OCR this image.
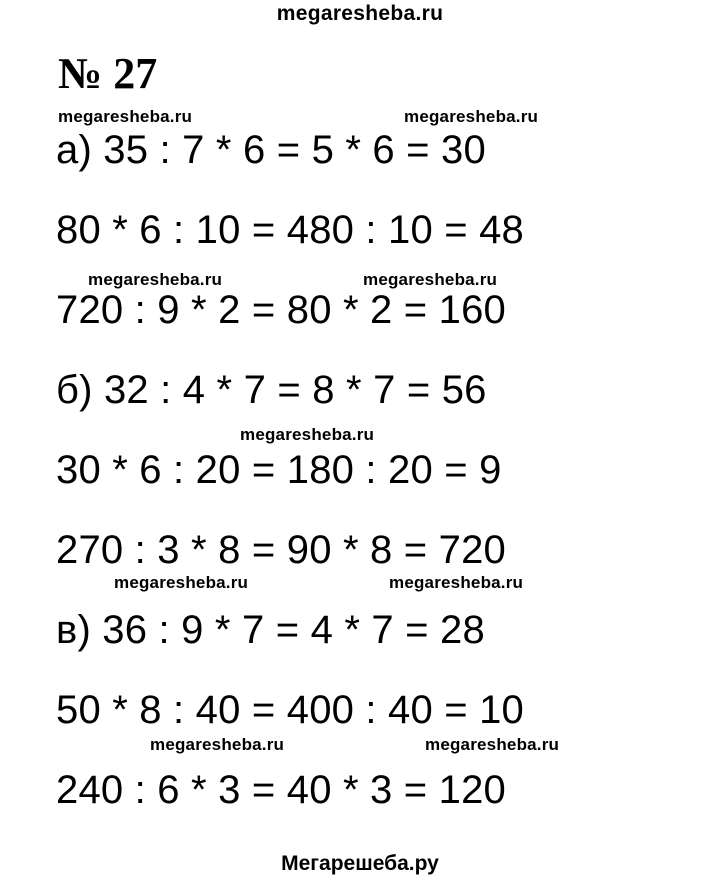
megaresheba.ru
№ 27
megaresheba.ru	megaresheba.ru
megaresheba.ru	megaresheba.ru
megaresheba.ru
megaresheba.ru	megaresheba.ru
megaresheba.ru	megaresheba.ru
а) 35 : 7 * 6 = 5 * 6 = 30
80 * 6 : 10 = 480 : 10 = 48
720 : 9 * 2 = 80 * 2 = 160
б) 32 : 4 * 7 = 8 * 7 = 56
30 * 6 : 20 = 180 : 20 = 9
270 : 3 * 8 = 90 * 8 = 720
в) 36 : 9 * 7 = 4 * 7 = 28
50 * 8 : 40 = 400 : 40 = 10
240 : 6 * 3 = 40 * 3 = 120
Мегарешеба.ру
